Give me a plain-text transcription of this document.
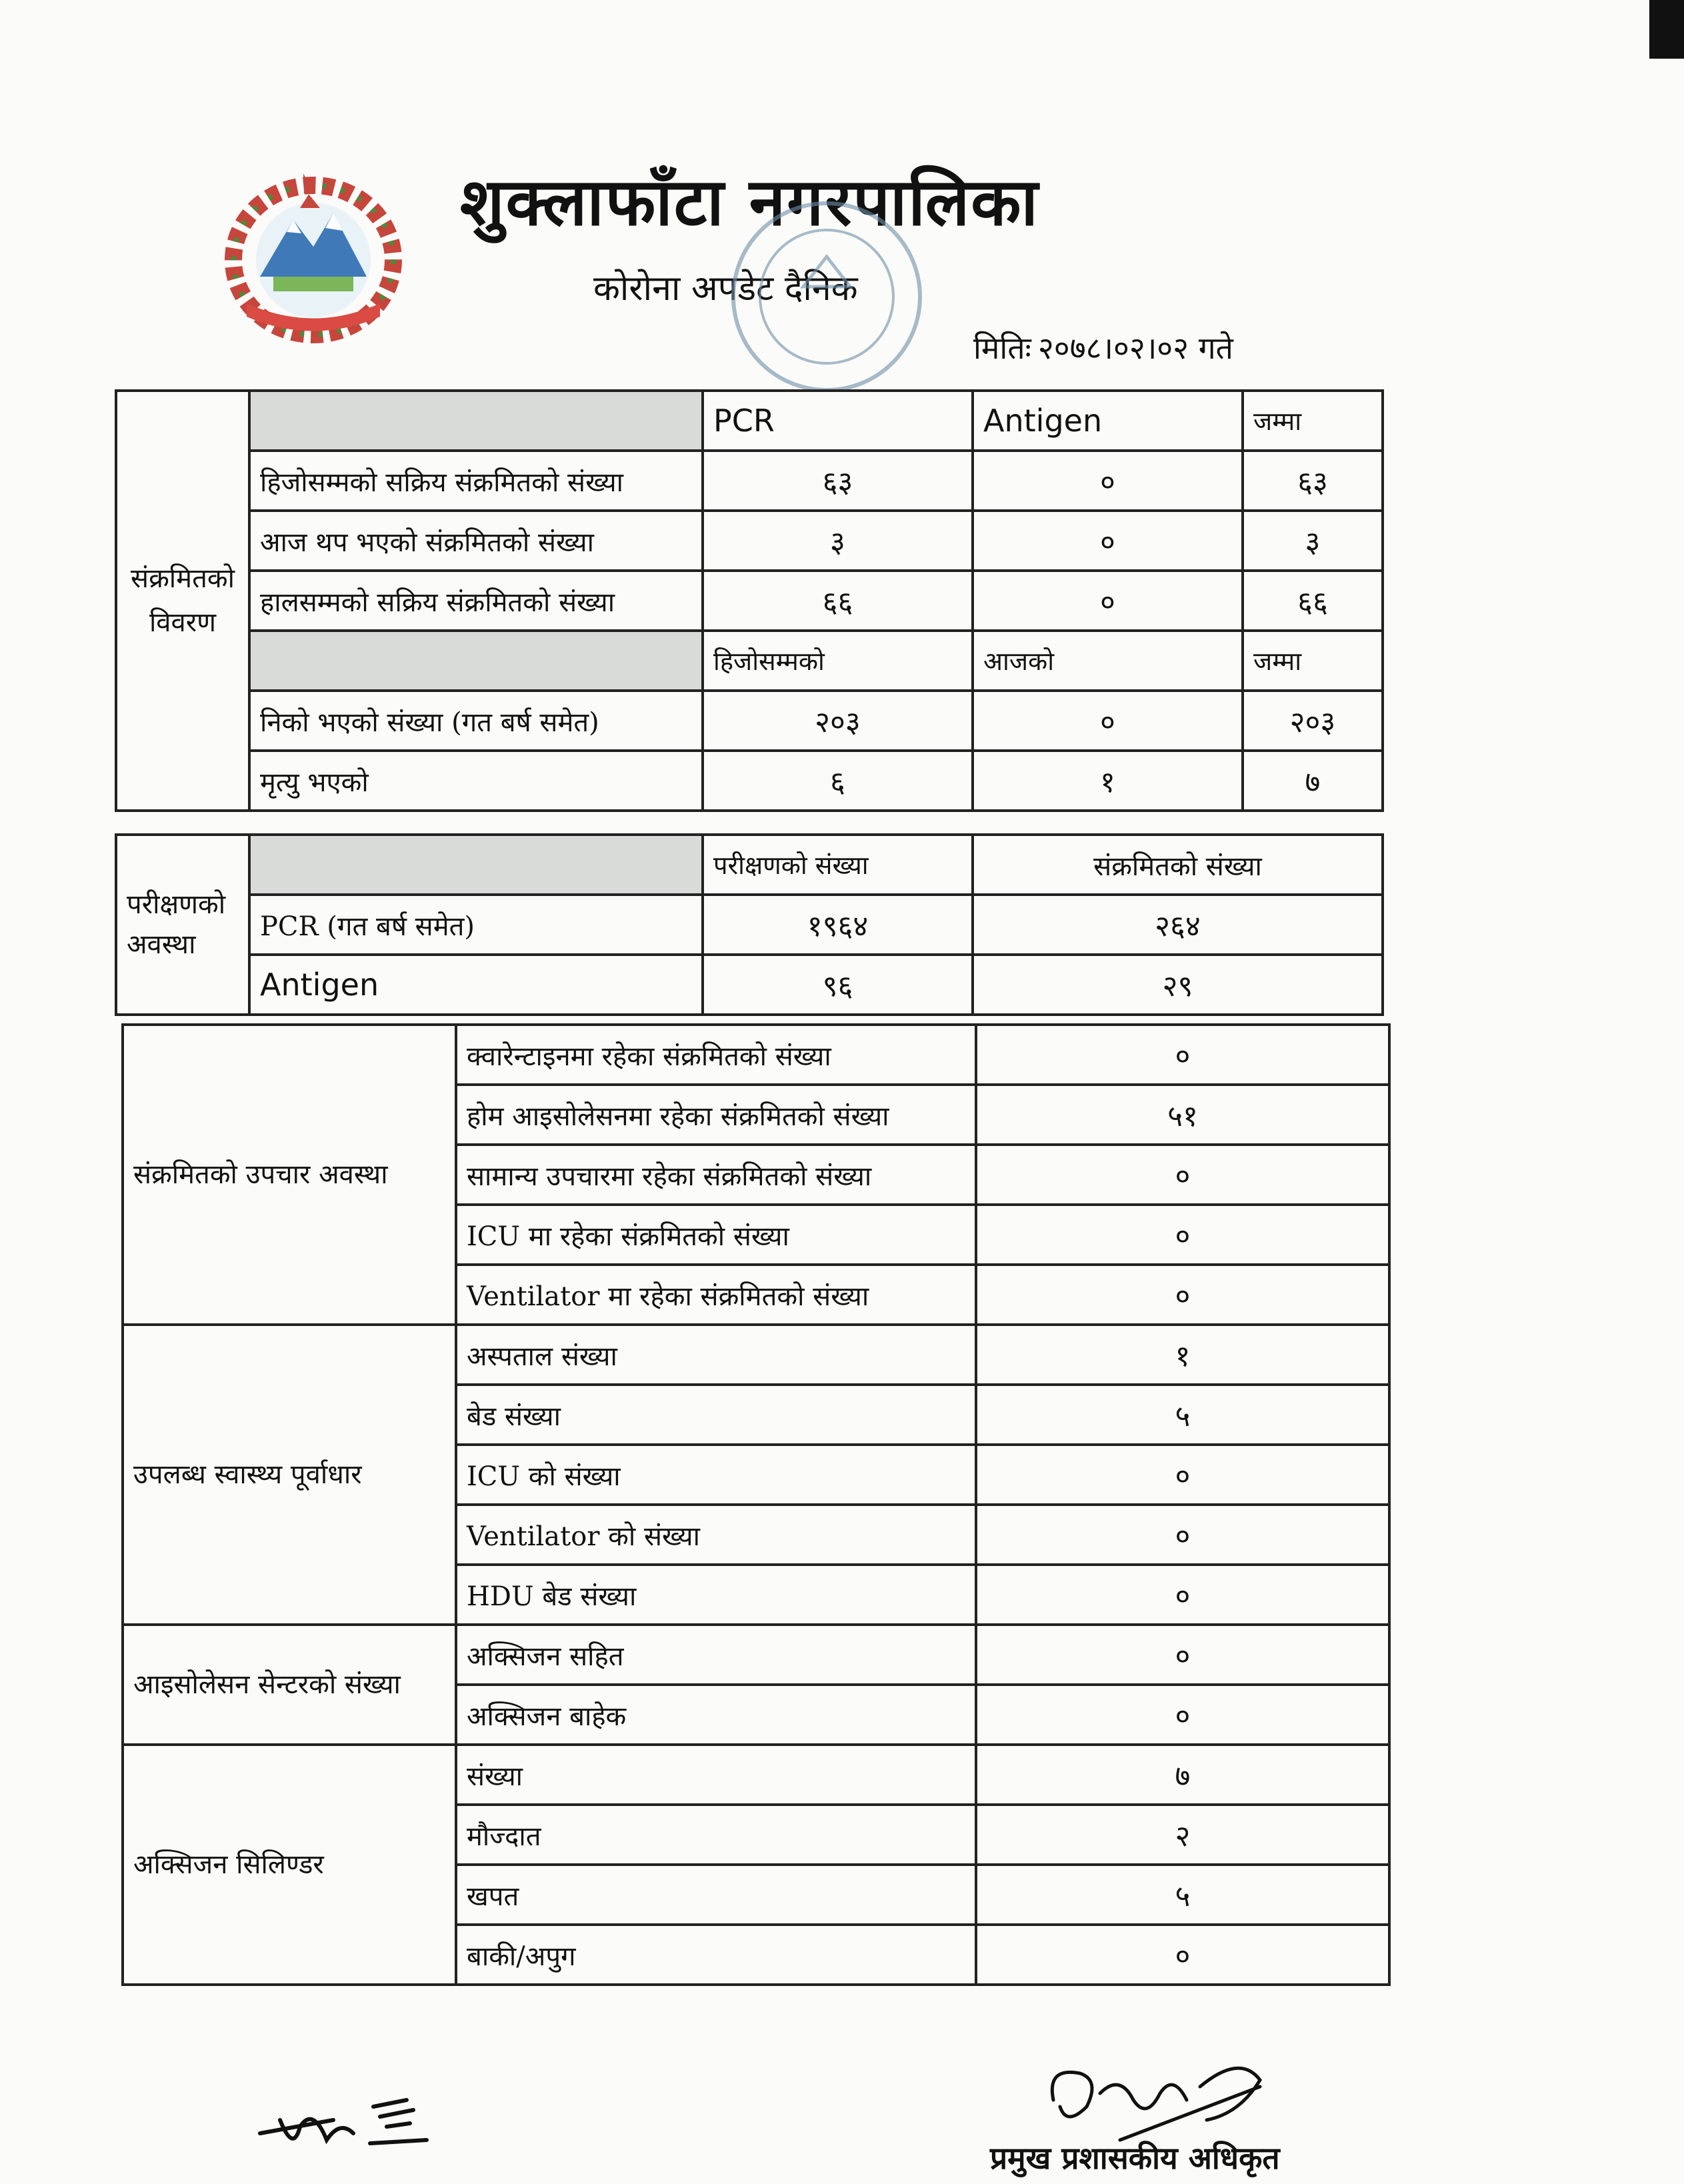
शुक्लाफाँटा नगरपालिका
कोरोना अपडेट दैनिक
मितिः २०७८।०२।०२ गते
संक्रमितको विवरण		PCR	Antigen	जम्मा
	हिजोसम्मको सक्रिय संक्रमितको संख्या	६३	०	६३
	आज थप भएको संक्रमितको संख्या	३	०	३
	हालसम्मको सक्रिय संक्रमितको संख्या	६६	०	६६
		हिजोसम्मको	आजको	जम्मा
	निको भएको संख्या (गत बर्ष समेत)	२०३	०	२०३
	मृत्यु भएको	६	१	७
परीक्षणको अवस्था		परीक्षणको संख्या	संक्रमितको संख्या
	PCR (गत बर्ष समेत)	१९६४	२६४
	Antigen	९६	२९
संक्रमितको उपचार अवस्था	क्वारेन्टाइनमा रहेका संक्रमितको संख्या	०
	होम आइसोलेसनमा रहेका संक्रमितको संख्या	५१
	सामान्य उपचारमा रहेका संक्रमितको संख्या	०
	ICU मा रहेका संक्रमितको संख्या	०
	Ventilator मा रहेका संक्रमितको संख्या	०
उपलब्ध स्वास्थ्य पूर्वाधार	अस्पताल संख्या	१
	बेड संख्या	५
	ICU को संख्या	०
	Ventilator को संख्या	०
	HDU बेड संख्या	०
आइसोलेसन सेन्टरको संख्या	अक्सिजन सहित	०
	अक्सिजन बाहेक	०
अक्सिजन सिलिण्डर	संख्या	७
	मौज्दात	२
	खपत	५
	बाकी/अपुग	०
प्रमुख प्रशासकीय अधिकृत
